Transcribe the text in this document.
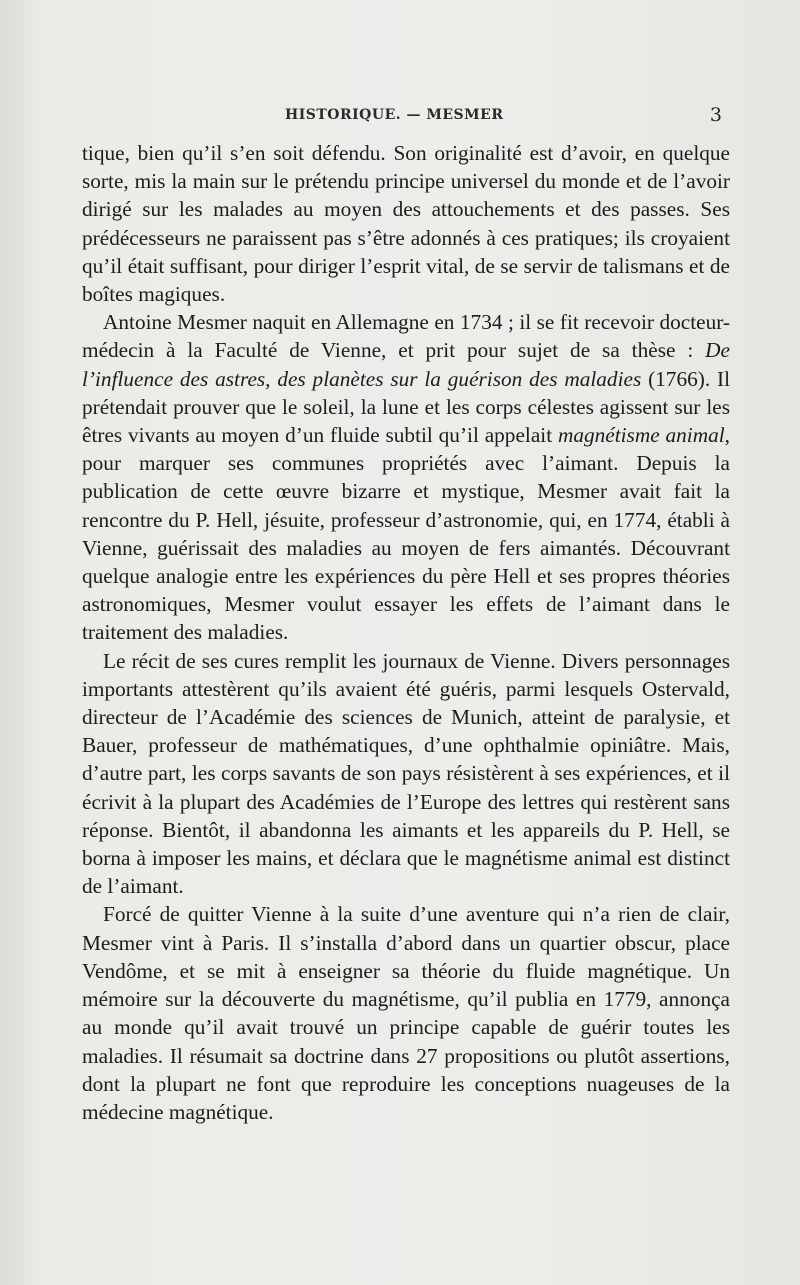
HISTORIQUE. — MESMER	3

tique, bien qu’il s’en soit défendu. Son originalité est d’avoir, en quelque sorte, mis la main sur le prétendu principe universel du monde et de l’avoir dirigé sur les malades au moyen des attouchements et des passes. Ses prédécesseurs ne paraissent pas s’être adonnés à ces pratiques; ils croyaient qu’il était suffisant, pour diriger l’esprit vital, de se servir de talismans et de boîtes magiques.

Antoine Mesmer naquit en Allemagne en 1734 ; il se fit recevoir docteur-médecin à la Faculté de Vienne, et prit pour sujet de sa thèse : De l’influence des astres, des planètes sur la guérison des maladies (1766). Il prétendait prouver que le soleil, la lune et les corps célestes agissent sur les êtres vivants au moyen d’un fluide subtil qu’il appelait magnétisme animal, pour marquer ses communes propriétés avec l’aimant. Depuis la publication de cette œuvre bizarre et mystique, Mesmer avait fait la rencontre du P. Hell, jésuite, professeur d’astronomie, qui, en 1774, établi à Vienne, guérissait des maladies au moyen de fers aimantés. Découvrant quelque analogie entre les expériences du père Hell et ses propres théories astronomiques, Mesmer voulut essayer les effets de l’aimant dans le traitement des maladies.

Le récit de ses cures remplit les journaux de Vienne. Divers personnages importants attestèrent qu’ils avaient été guéris, parmi lesquels Ostervald, directeur de l’Académie des sciences de Munich, atteint de paralysie, et Bauer, professeur de mathématiques, d’une ophthalmie opiniâtre. Mais, d’autre part, les corps savants de son pays résistèrent à ses expériences, et il écrivit à la plupart des Académies de l’Europe des lettres qui restèrent sans réponse. Bientôt, il abandonna les aimants et les appareils du P. Hell, se borna à imposer les mains, et déclara que le magnétisme animal est distinct de l’aimant.

Forcé de quitter Vienne à la suite d’une aventure qui n’a rien de clair, Mesmer vint à Paris. Il s’installa d’abord dans un quartier obscur, place Vendôme, et se mit à enseigner sa théorie du fluide magnétique. Un mémoire sur la découverte du magnétisme, qu’il publia en 1779, annonça au monde qu’il avait trouvé un principe capable de guérir toutes les maladies. Il résumait sa doctrine dans 27 propositions ou plutôt assertions, dont la plupart ne font que reproduire les conceptions nuageuses de la médecine magnétique.
